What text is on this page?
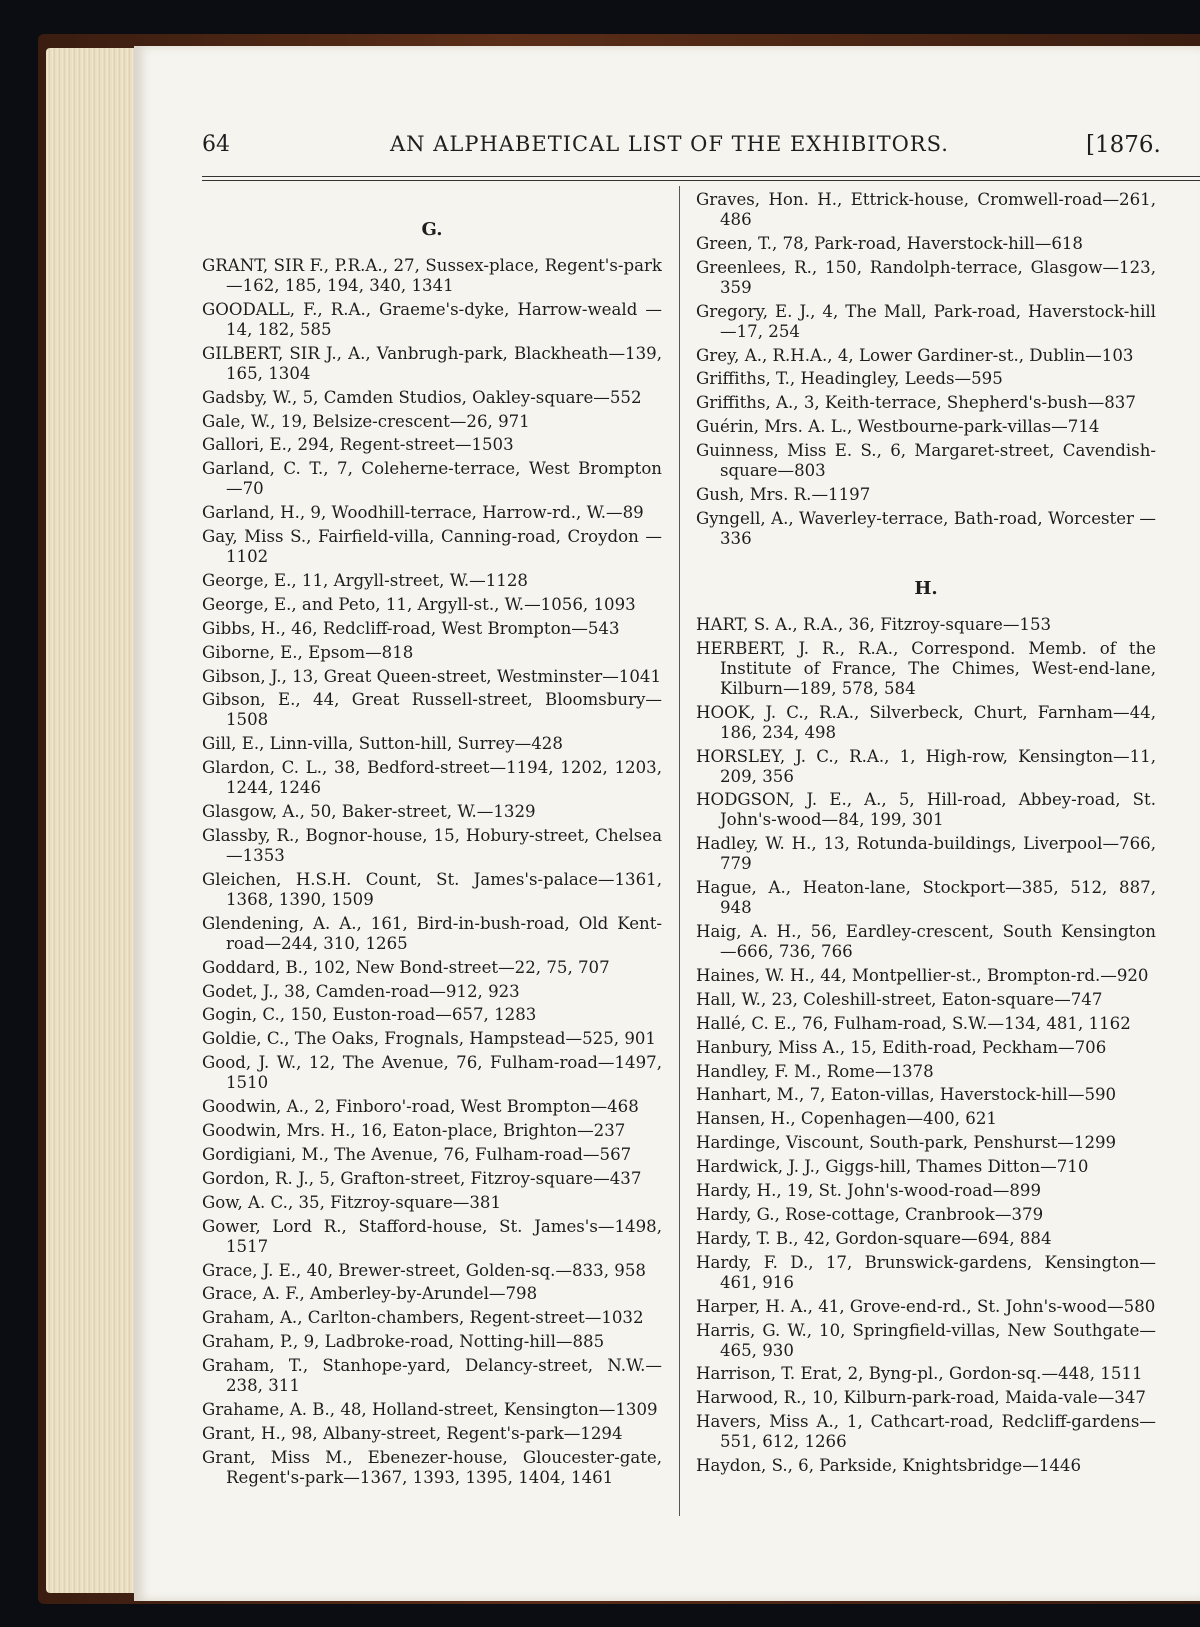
64	AN ALPHABETICAL LIST OF THE EXHIBITORS.	[1876.
G.
GRANT, SIR F., P.R.A., 27, Sussex-place, Regent's-park—162, 185, 194, 340, 1341
GOODALL, F., R.A., Graeme's-dyke, Harrow-weald —14, 182, 585
GILBERT, SIR J., A., Vanbrugh-park, Blackheath—139, 165, 1304
Gadsby, W., 5, Camden Studios, Oakley-square—552
Gale, W., 19, Belsize-crescent—26, 971
Gallori, E., 294, Regent-street—1503
Garland, C. T., 7, Coleherne-terrace, West Brompton —70
Garland, H., 9, Woodhill-terrace, Harrow-rd., W.—89
Gay, Miss S., Fairfield-villa, Canning-road, Croydon —1102
George, E., 11, Argyll-street, W.—1128
George, E., and Peto, 11, Argyll-st., W.—1056, 1093
Gibbs, H., 46, Redcliff-road, West Brompton—543
Giborne, E., Epsom—818
Gibson, J., 13, Great Queen-street, Westminster—1041
Gibson, E., 44, Great Russell-street, Bloomsbury—1508
Gill, E., Linn-villa, Sutton-hill, Surrey—428
Glardon, C. L., 38, Bedford-street—1194, 1202, 1203, 1244, 1246
Glasgow, A., 50, Baker-street, W.—1329
Glassby, R., Bognor-house, 15, Hobury-street, Chelsea —1353
Gleichen, H.S.H. Count, St. James's-palace—1361, 1368, 1390, 1509
Glendening, A. A., 161, Bird-in-bush-road, Old Kent-road—244, 310, 1265
Goddard, B., 102, New Bond-street—22, 75, 707
Godet, J., 38, Camden-road—912, 923
Gogin, C., 150, Euston-road—657, 1283
Goldie, C., The Oaks, Frognals, Hampstead—525, 901
Good, J. W., 12, The Avenue, 76, Fulham-road—1497, 1510
Goodwin, A., 2, Finboro'-road, West Brompton—468
Goodwin, Mrs. H., 16, Eaton-place, Brighton—237
Gordigiani, M., The Avenue, 76, Fulham-road—567
Gordon, R. J., 5, Grafton-street, Fitzroy-square—437
Gow, A. C., 35, Fitzroy-square—381
Gower, Lord R., Stafford-house, St. James's—1498, 1517
Grace, J. E., 40, Brewer-street, Golden-sq.—833, 958
Grace, A. F., Amberley-by-Arundel—798
Graham, A., Carlton-chambers, Regent-street—1032
Graham, P., 9, Ladbroke-road, Notting-hill—885
Graham, T., Stanhope-yard, Delancy-street, N.W.—238, 311
Grahame, A. B., 48, Holland-street, Kensington—1309
Grant, H., 98, Albany-street, Regent's-park—1294
Grant, Miss M., Ebenezer-house, Gloucester-gate, Regent's-park—1367, 1393, 1395, 1404, 1461
Graves, Hon. H., Ettrick-house, Cromwell-road—261, 486
Green, T., 78, Park-road, Haverstock-hill—618
Greenlees, R., 150, Randolph-terrace, Glasgow—123, 359
Gregory, E. J., 4, The Mall, Park-road, Haverstock-hill—17, 254
Grey, A., R.H.A., 4, Lower Gardiner-st., Dublin—103
Griffiths, T., Headingley, Leeds—595
Griffiths, A., 3, Keith-terrace, Shepherd's-bush—837
Guérin, Mrs. A. L., Westbourne-park-villas—714
Guinness, Miss E. S., 6, Margaret-street, Cavendish-square—803
Gush, Mrs. R.—1197
Gyngell, A., Waverley-terrace, Bath-road, Worcester —336
H.
HART, S. A., R.A., 36, Fitzroy-square—153
HERBERT, J. R., R.A., Correspond. Memb. of the Institute of France, The Chimes, West-end-lane, Kilburn—189, 578, 584
HOOK, J. C., R.A., Silverbeck, Churt, Farnham—44, 186, 234, 498
HORSLEY, J. C., R.A., 1, High-row, Kensington—11, 209, 356
HODGSON, J. E., A., 5, Hill-road, Abbey-road, St. John's-wood—84, 199, 301
Hadley, W. H., 13, Rotunda-buildings, Liverpool—766, 779
Hague, A., Heaton-lane, Stockport—385, 512, 887, 948
Haig, A. H., 56, Eardley-crescent, South Kensington —666, 736, 766
Haines, W. H., 44, Montpellier-st., Brompton-rd.—920
Hall, W., 23, Coleshill-street, Eaton-square—747
Hallé, C. E., 76, Fulham-road, S.W.—134, 481, 1162
Hanbury, Miss A., 15, Edith-road, Peckham—706
Handley, F. M., Rome—1378
Hanhart, M., 7, Eaton-villas, Haverstock-hill—590
Hansen, H., Copenhagen—400, 621
Hardinge, Viscount, South-park, Penshurst—1299
Hardwick, J. J., Giggs-hill, Thames Ditton—710
Hardy, H., 19, St. John's-wood-road—899
Hardy, G., Rose-cottage, Cranbrook—379
Hardy, T. B., 42, Gordon-square—694, 884
Hardy, F. D., 17, Brunswick-gardens, Kensington—461, 916
Harper, H. A., 41, Grove-end-rd., St. John's-wood—580
Harris, G. W., 10, Springfield-villas, New Southgate—465, 930
Harrison, T. Erat, 2, Byng-pl., Gordon-sq.—448, 1511
Harwood, R., 10, Kilburn-park-road, Maida-vale—347
Havers, Miss A., 1, Cathcart-road, Redcliff-gardens—551, 612, 1266
Haydon, S., 6, Parkside, Knightsbridge—1446
